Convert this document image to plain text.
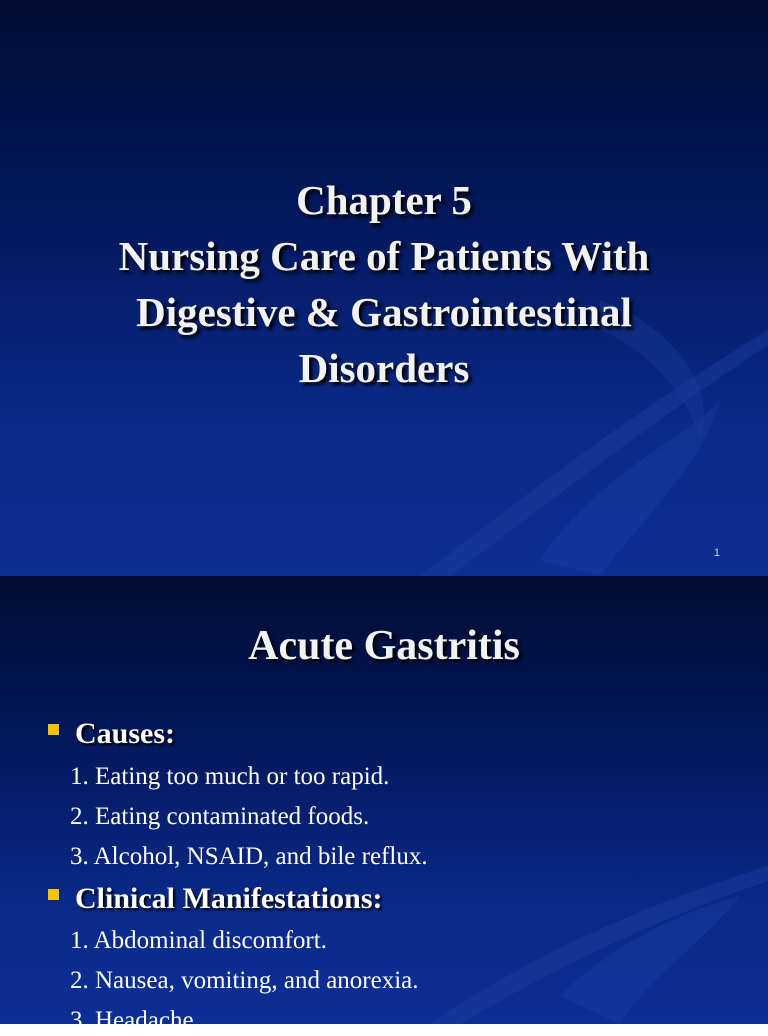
Chapter 5
Nursing Care of Patients With
Digestive & Gastrointestinal
Disorders
1
Acute Gastritis
Causes:
1. Eating too much or too rapid.
2. Eating contaminated foods.
3. Alcohol, NSAID, and bile reflux.
Clinical Manifestations:
1. Abdominal discomfort.
2. Nausea, vomiting, and anorexia.
3. Headache.
